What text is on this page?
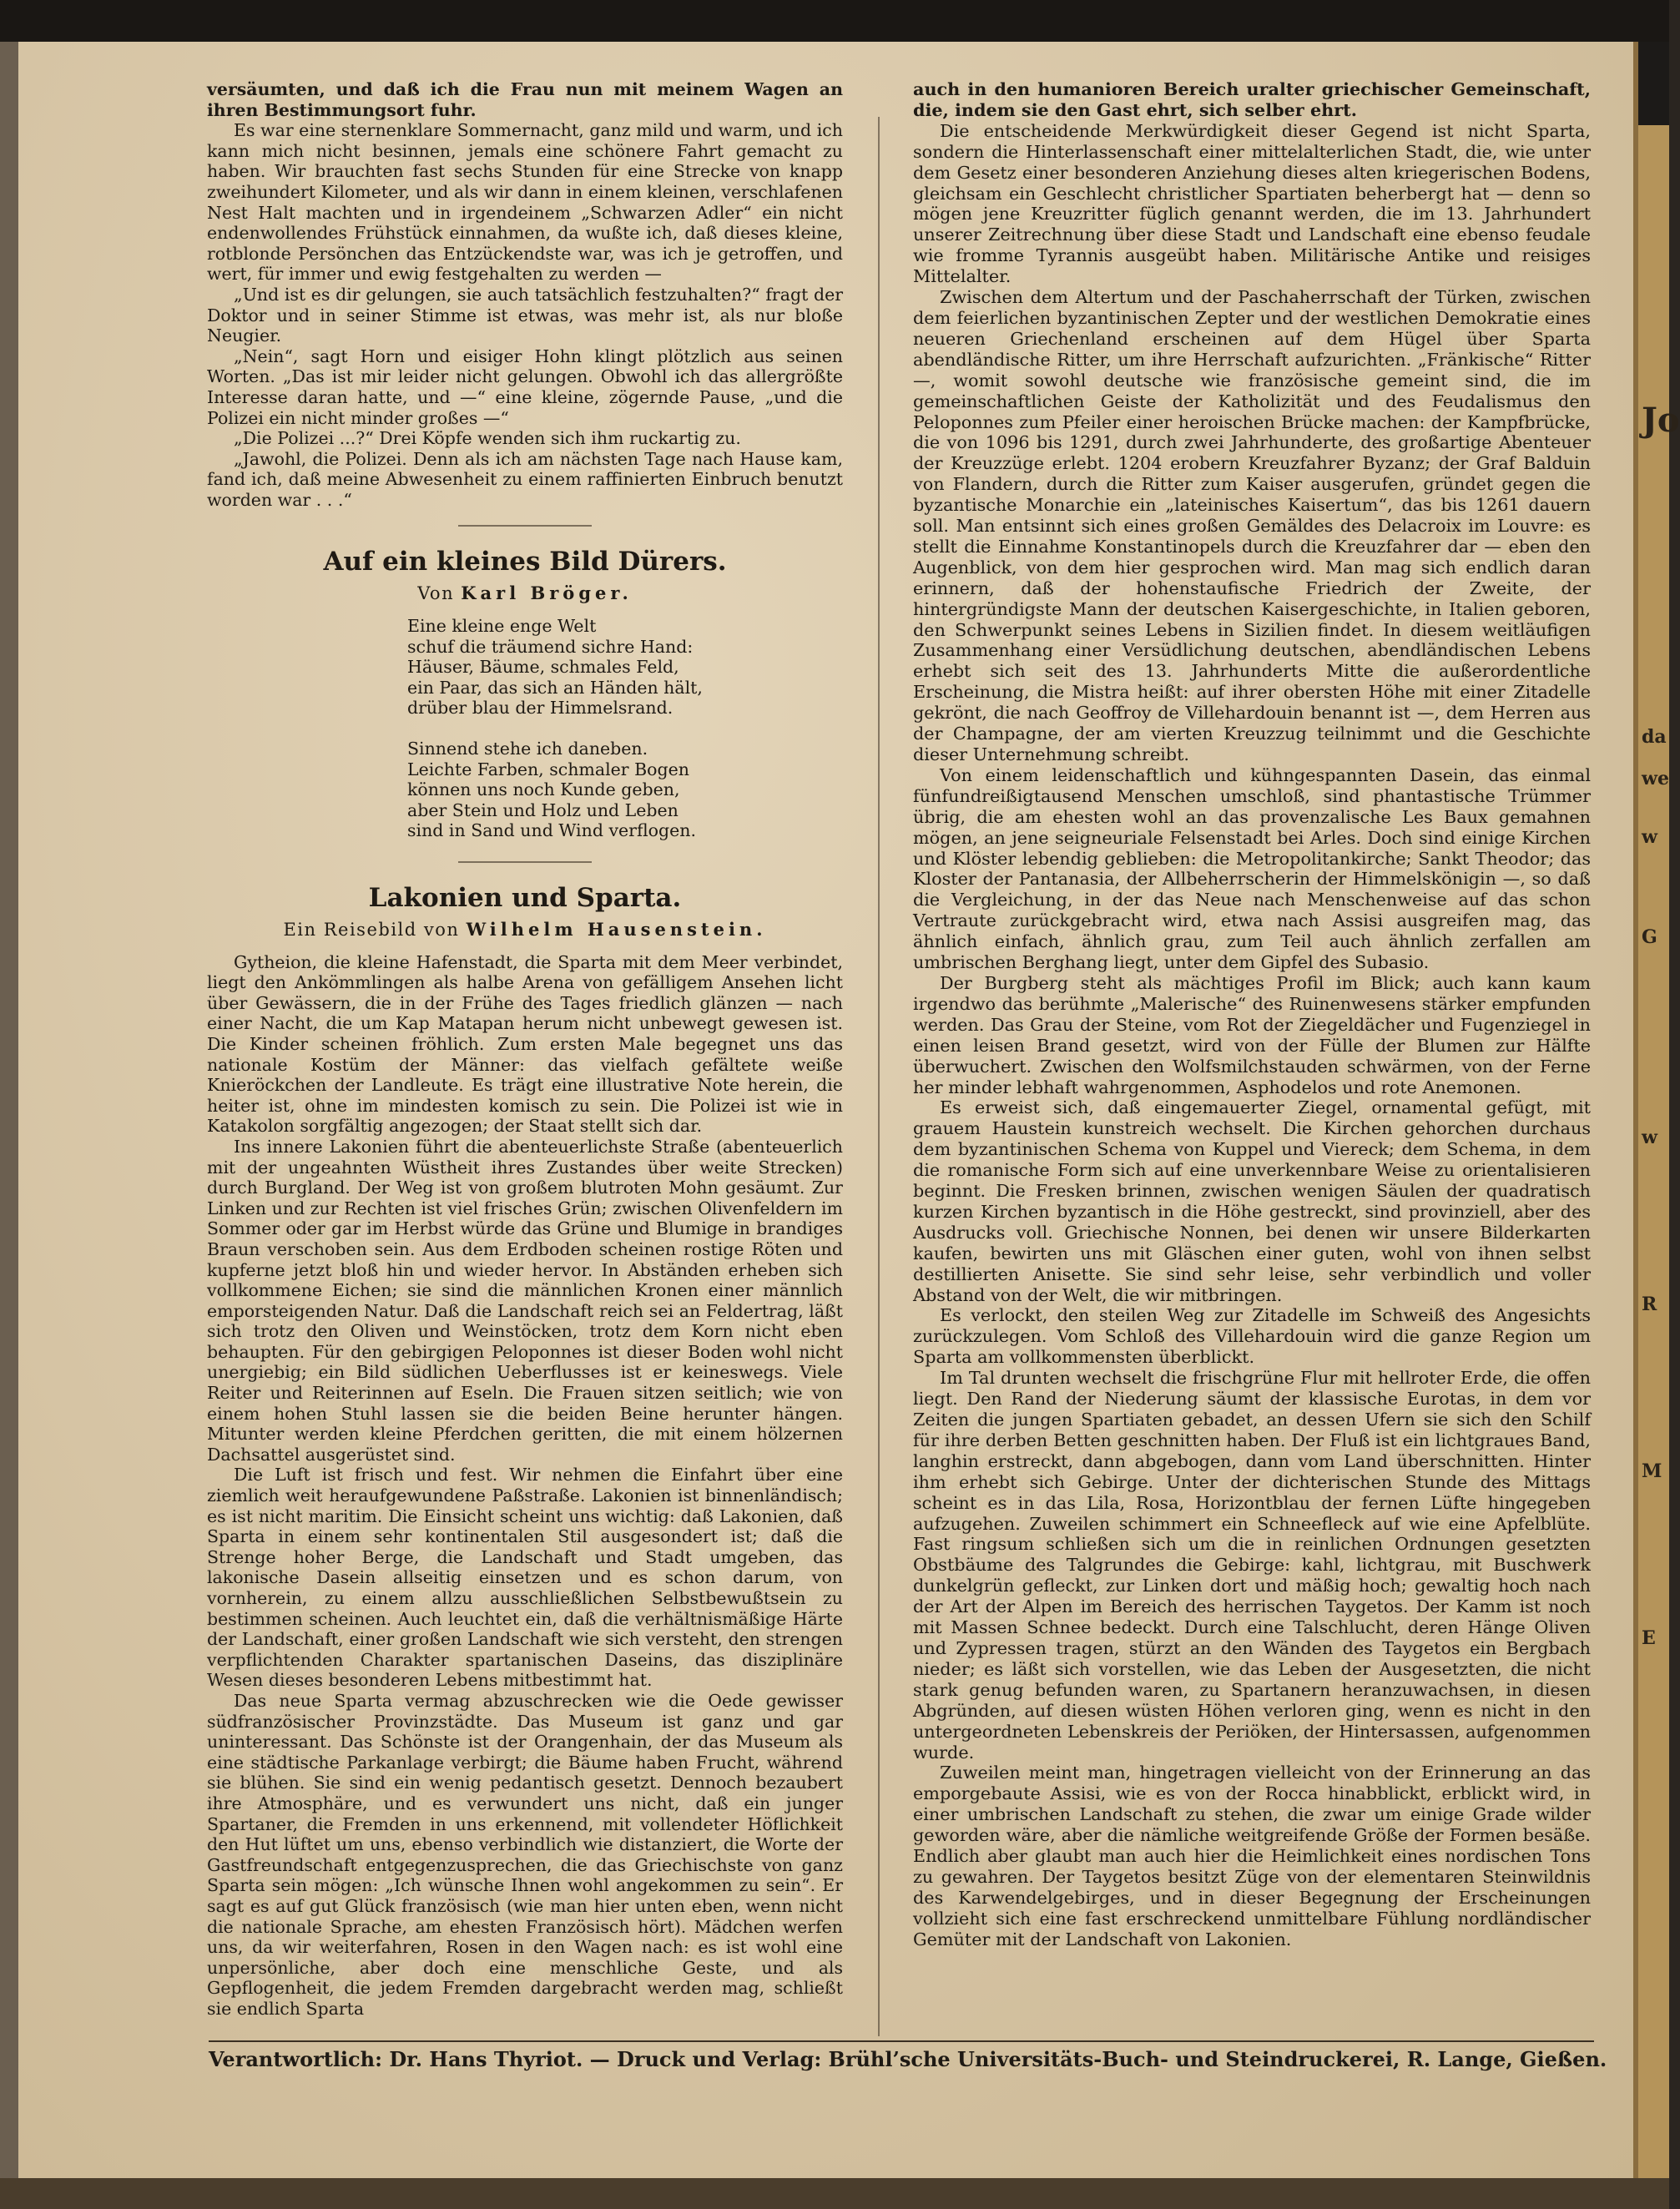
Jo
da
we
w
G
w
R
M
E

versäumten, und daß ich die Frau nun mit meinem Wagen an ihren Bestimmungsort fuhr.

Es war eine sternenklare Sommernacht, ganz mild und warm, und ich kann mich nicht besinnen, jemals eine schönere Fahrt gemacht zu haben. Wir brauchten fast sechs Stunden für eine Strecke von knapp zweihundert Kilometer, und als wir dann in einem kleinen, verschlafenen Nest Halt machten und in irgendeinem „Schwarzen Adler“ ein nicht endenwollendes Frühstück einnahmen, da wußte ich, daß dieses kleine, rotblonde Persönchen das Entzückendste war, was ich je getroffen, und wert, für immer und ewig festgehalten zu werden —

„Und ist es dir gelungen, sie auch tatsächlich festzuhalten?“ fragt der Doktor und in seiner Stimme ist etwas, was mehr ist, als nur bloße Neugier.

„Nein“, sagt Horn und eisiger Hohn klingt plötzlich aus seinen Worten. „Das ist mir leider nicht gelungen. Obwohl ich das allergrößte Interesse daran hatte, und —“ eine kleine, zögernde Pause, „und die Polizei ein nicht minder großes —“

„Die Polizei ...?“ Drei Köpfe wenden sich ihm ruckartig zu.

„Jawohl, die Polizei. Denn als ich am nächsten Tage nach Hause kam, fand ich, daß meine Abwesenheit zu einem raffinierten Einbruch benutzt worden war . . .“

Auf ein kleines Bild Dürers.
Von Karl Bröger.
Eine kleine enge Welt
schuf die träumend sichre Hand:
Häuser, Bäume, schmales Feld,
ein Paar, das sich an Händen hält,
drüber blau der Himmelsrand.
Sinnend stehe ich daneben.
Leichte Farben, schmaler Bogen
können uns noch Kunde geben,
aber Stein und Holz und Leben
sind in Sand und Wind verflogen.
Lakonien und Sparta.
Ein Reisebild von Wilhelm Hausenstein.

Gytheion, die kleine Hafenstadt, die Sparta mit dem Meer verbindet, liegt den Ankömmlingen als halbe Arena von gefälligem Ansehen licht über Gewässern, die in der Frühe des Tages friedlich glänzen — nach einer Nacht, die um Kap Matapan herum nicht unbewegt gewesen ist. Die Kinder scheinen fröhlich. Zum ersten Male begegnet uns das nationale Kostüm der Männer: das vielfach gefältete weiße Knieröckchen der Landleute. Es trägt eine illustrative Note herein, die heiter ist, ohne im mindesten komisch zu sein. Die Polizei ist wie in Katakolon sorgfältig angezogen; der Staat stellt sich dar.

Ins innere Lakonien führt die abenteuerlichste Straße (abenteuerlich mit der ungeahnten Wüstheit ihres Zustandes über weite Strecken) durch Burgland. Der Weg ist von großem blutroten Mohn gesäumt. Zur Linken und zur Rechten ist viel frisches Grün; zwischen Olivenfeldern im Sommer oder gar im Herbst würde das Grüne und Blumige in brandiges Braun verschoben sein. Aus dem Erdboden scheinen rostige Röten und kupferne jetzt bloß hin und wieder hervor. In Abständen erheben sich vollkommene Eichen; sie sind die männlichen Kronen einer männlich emporsteigenden Natur. Daß die Landschaft reich sei an Feldertrag, läßt sich trotz den Oliven und Weinstöcken, trotz dem Korn nicht eben behaupten. Für den gebirgigen Peloponnes ist dieser Boden wohl nicht unergiebig; ein Bild südlichen Ueberflusses ist er keineswegs. Viele Reiter und Reiterinnen auf Eseln. Die Frauen sitzen seitlich; wie von einem hohen Stuhl lassen sie die beiden Beine herunter hängen. Mitunter werden kleine Pferdchen geritten, die mit einem hölzernen Dachsattel ausgerüstet sind.

Die Luft ist frisch und fest. Wir nehmen die Einfahrt über eine ziemlich weit heraufgewundene Paßstraße. Lakonien ist binnenländisch; es ist nicht maritim. Die Einsicht scheint uns wichtig: daß Lakonien, daß Sparta in einem sehr kontinentalen Stil ausgesondert ist; daß die Strenge hoher Berge, die Landschaft und Stadt umgeben, das lakonische Dasein allseitig einsetzen und es schon darum, von vornherein, zu einem allzu ausschließlichen Selbstbewußtsein zu bestimmen scheinen. Auch leuchtet ein, daß die verhältnismäßige Härte der Landschaft, einer großen Landschaft wie sich versteht, den strengen verpflichtenden Charakter spartanischen Daseins, das disziplinäre Wesen dieses besonderen Lebens mitbestimmt hat.

Das neue Sparta vermag abzuschrecken wie die Oede gewisser südfranzösischer Provinzstädte. Das Museum ist ganz und gar uninteressant. Das Schönste ist der Orangenhain, der das Museum als eine städtische Parkanlage verbirgt; die Bäume haben Frucht, während sie blühen. Sie sind ein wenig pedantisch gesetzt. Dennoch bezaubert ihre Atmosphäre, und es verwundert uns nicht, daß ein junger Spartaner, die Fremden in uns erkennend, mit vollendeter Höflichkeit den Hut lüftet um uns, ebenso verbindlich wie distanziert, die Worte der Gastfreundschaft entgegenzusprechen, die das Griechischste von ganz Sparta sein mögen: „Ich wünsche Ihnen wohl angekommen zu sein“. Er sagt es auf gut Glück französisch (wie man hier unten eben, wenn nicht die nationale Sprache, am ehesten Französisch hört). Mädchen werfen uns, da wir weiterfahren, Rosen in den Wagen nach: es ist wohl eine unpersönliche, aber doch eine menschliche Geste, und als Gepflogenheit, die jedem Fremden dargebracht werden mag, schließt sie endlich Sparta

auch in den humanioren Bereich uralter griechischer Gemeinschaft, die, indem sie den Gast ehrt, sich selber ehrt.

Die entscheidende Merkwürdigkeit dieser Gegend ist nicht Sparta, sondern die Hinterlassenschaft einer mittelalterlichen Stadt, die, wie unter dem Gesetz einer besonderen Anziehung dieses alten kriegerischen Bodens, gleichsam ein Geschlecht christlicher Spartiaten beherbergt hat — denn so mögen jene Kreuzritter füglich genannt werden, die im 13. Jahrhundert unserer Zeitrechnung über diese Stadt und Landschaft eine ebenso feudale wie fromme Tyrannis ausgeübt haben. Militärische Antike und reisiges Mittelalter.

Zwischen dem Altertum und der Paschaherrschaft der Türken, zwischen dem feierlichen byzantinischen Zepter und der westlichen Demokratie eines neueren Griechenland erscheinen auf dem Hügel über Sparta abendländische Ritter, um ihre Herrschaft aufzurichten. „Fränkische“ Ritter —, womit sowohl deutsche wie französische gemeint sind, die im gemeinschaftlichen Geiste der Katholizität und des Feudalismus den Peloponnes zum Pfeiler einer heroischen Brücke machen: der Kampfbrücke, die von 1096 bis 1291, durch zwei Jahrhunderte, des großartige Abenteuer der Kreuzzüge erlebt. 1204 erobern Kreuzfahrer Byzanz; der Graf Balduin von Flandern, durch die Ritter zum Kaiser ausgerufen, gründet gegen die byzantische Monarchie ein „lateinisches Kaisertum“, das bis 1261 dauern soll. Man entsinnt sich eines großen Gemäldes des Delacroix im Louvre: es stellt die Einnahme Konstantinopels durch die Kreuzfahrer dar — eben den Augenblick, von dem hier gesprochen wird. Man mag sich endlich daran erinnern, daß der hohenstaufische Friedrich der Zweite, der hintergründigste Mann der deutschen Kaisergeschichte, in Italien geboren, den Schwerpunkt seines Lebens in Sizilien findet. In diesem weitläufigen Zusammenhang einer Versüdlichung deutschen, abendländischen Lebens erhebt sich seit des 13. Jahrhunderts Mitte die außerordentliche Erscheinung, die Mistra heißt: auf ihrer obersten Höhe mit einer Zitadelle gekrönt, die nach Geoffroy de Villehardouin benannt ist —, dem Herren aus der Champagne, der am vierten Kreuzzug teilnimmt und die Geschichte dieser Unternehmung schreibt.

Von einem leidenschaftlich und kühngespannten Dasein, das einmal fünfundreißigtausend Menschen umschloß, sind phantastische Trümmer übrig, die am ehesten wohl an das provenzalische Les Baux gemahnen mögen, an jene seigneuriale Felsenstadt bei Arles. Doch sind einige Kirchen und Klöster lebendig geblieben: die Metropolitankirche; Sankt Theodor; das Kloster der Pantanasia, der Allbeherrscherin der Himmelskönigin —, so daß die Vergleichung, in der das Neue nach Menschenweise auf das schon Vertraute zurückgebracht wird, etwa nach Assisi ausgreifen mag, das ähnlich einfach, ähnlich grau, zum Teil auch ähnlich zerfallen am umbrischen Berghang liegt, unter dem Gipfel des Subasio.

Der Burgberg steht als mächtiges Profil im Blick; auch kann kaum irgendwo das berühmte „Malerische“ des Ruinenwesens stärker empfunden werden. Das Grau der Steine, vom Rot der Ziegeldächer und Fugenziegel in einen leisen Brand gesetzt, wird von der Fülle der Blumen zur Hälfte überwuchert. Zwischen den Wolfsmilchstauden schwärmen, von der Ferne her minder lebhaft wahrgenommen, Asphodelos und rote Anemonen.

Es erweist sich, daß eingemauerter Ziegel, ornamental gefügt, mit grauem Haustein kunstreich wechselt. Die Kirchen gehorchen durchaus dem byzantinischen Schema von Kuppel und Viereck; dem Schema, in dem die romanische Form sich auf eine unverkennbare Weise zu orientalisieren beginnt. Die Fresken brinnen, zwischen wenigen Säulen der quadratisch kurzen Kirchen byzantisch in die Höhe gestreckt, sind provinziell, aber des Ausdrucks voll. Griechische Nonnen, bei denen wir unsere Bilderkarten kaufen, bewirten uns mit Gläschen einer guten, wohl von ihnen selbst destillierten Anisette. Sie sind sehr leise, sehr verbindlich und voller Abstand von der Welt, die wir mitbringen.

Es verlockt, den steilen Weg zur Zitadelle im Schweiß des Angesichts zurückzulegen. Vom Schloß des Villehardouin wird die ganze Region um Sparta am vollkommensten überblickt.

Im Tal drunten wechselt die frischgrüne Flur mit hellroter Erde, die offen liegt. Den Rand der Niederung säumt der klassische Eurotas, in dem vor Zeiten die jungen Spartiaten gebadet, an dessen Ufern sie sich den Schilf für ihre derben Betten geschnitten haben. Der Fluß ist ein lichtgraues Band, langhin erstreckt, dann abgebogen, dann vom Land überschnitten. Hinter ihm erhebt sich Gebirge. Unter der dichterischen Stunde des Mittags scheint es in das Lila, Rosa, Horizontblau der fernen Lüfte hingegeben aufzugehen. Zuweilen schimmert ein Schneefleck auf wie eine Apfelblüte. Fast ringsum schließen sich um die in reinlichen Ordnungen gesetzten Obstbäume des Talgrundes die Gebirge: kahl, lichtgrau, mit Buschwerk dunkelgrün gefleckt, zur Linken dort und mäßig hoch; gewaltig hoch nach der Art der Alpen im Bereich des herrischen Taygetos. Der Kamm ist noch mit Massen Schnee bedeckt. Durch eine Talschlucht, deren Hänge Oliven und Zypressen tragen, stürzt an den Wänden des Taygetos ein Bergbach nieder; es läßt sich vorstellen, wie das Leben der Ausgesetzten, die nicht stark genug befunden waren, zu Spartanern heranzuwachsen, in diesen Abgründen, auf diesen wüsten Höhen verloren ging, wenn es nicht in den untergeordneten Lebenskreis der Periöken, der Hintersassen, aufgenommen wurde.

Zuweilen meint man, hingetragen vielleicht von der Erinnerung an das emporgebaute Assisi, wie es von der Rocca hinabblickt, erblickt wird, in einer umbrischen Landschaft zu stehen, die zwar um einige Grade wilder geworden wäre, aber die nämliche weitgreifende Größe der Formen besäße. Endlich aber glaubt man auch hier die Heimlichkeit eines nordischen Tons zu gewahren. Der Taygetos besitzt Züge von der elementaren Steinwildnis des Karwendelgebirges, und in dieser Begegnung der Erscheinungen vollzieht sich eine fast erschreckend unmittelbare Fühlung nordländischer Gemüter mit der Landschaft von Lakonien.

Verantwortlich: Dr. Hans Thyriot. — Druck und Verlag: Brühl’sche Universitäts-Buch- und Steindruckerei, R. Lange, Gießen.
